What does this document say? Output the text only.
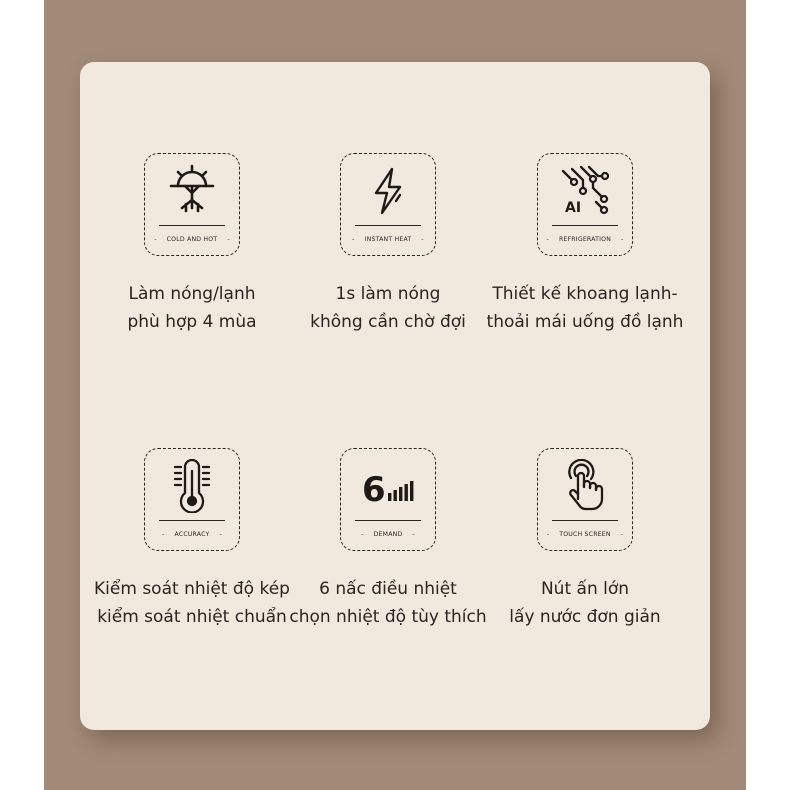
- COLD AND HOT -
Làm nóng/lạnh
phù hợp 4 mùa
- INSTANT HEAT -
1s làm nóng
không cần chờ đợi
AI
- REFRIGERATION -
Thiết kế khoang lạnh-
thoải mái uống đồ lạnh
- ACCURACY -
Kiểm soát nhiệt độ kép
kiểm soát nhiệt chuẩn
6
- DEMAND -
6 nấc điều nhiệt
chọn nhiệt độ tùy thích
- TOUCH SCREEN -
Nút ấn lớn
lấy nước đơn giản
